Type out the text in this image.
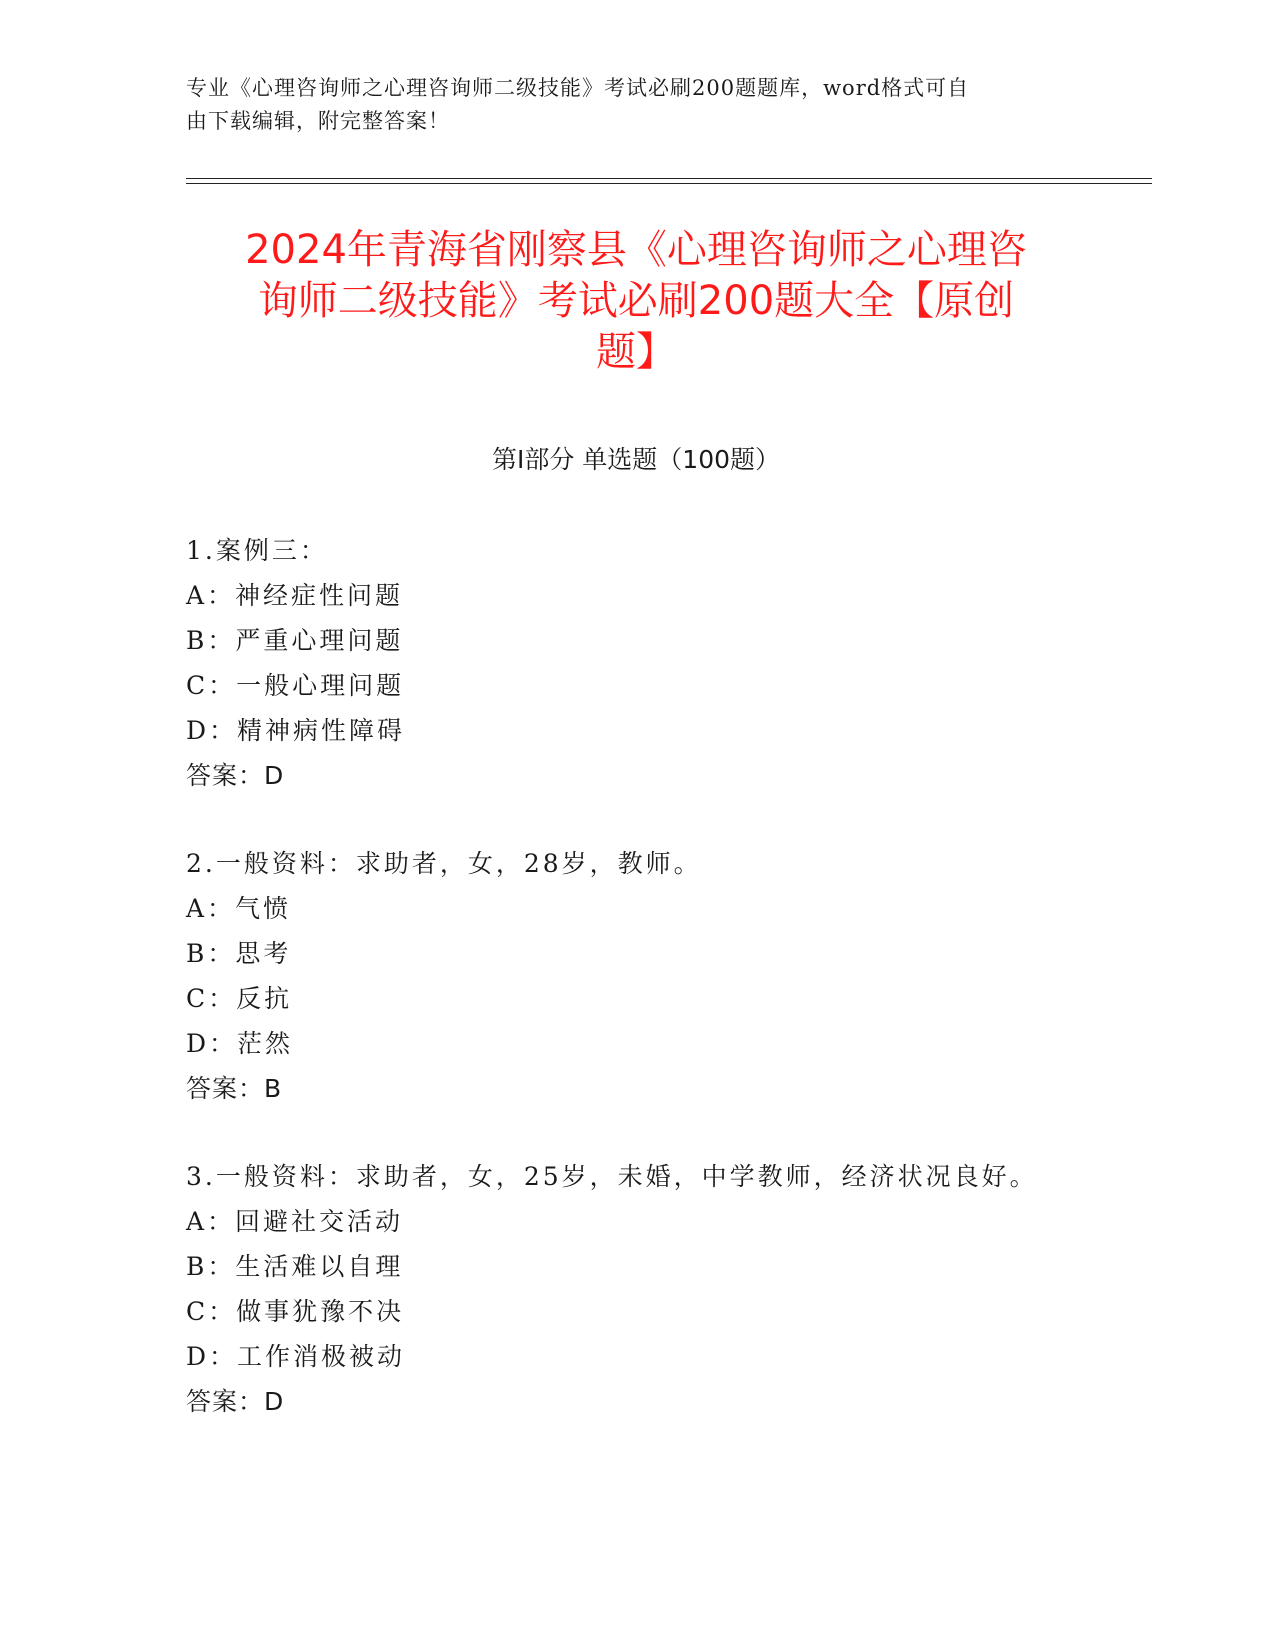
专业《心理咨询师之心理咨询师二级技能》考试必刷200题题库，word格式可自
由下载编辑，附完整答案！
2024年青海省刚察县《心理咨询师之心理咨
询师二级技能》考试必刷200题大全【原创
题】
第Ⅰ部分 单选题（100题）
1.案例三：
A：神经症性问题
B：严重心理问题
C：一般心理问题
D：精神病性障碍
答案：D
2.一般资料：求助者，女，28岁，教师。
A：气愤
B：思考
C：反抗
D：茫然
答案：B
3.一般资料：求助者，女，25岁，未婚，中学教师，经济状况良好。
A：回避社交活动
B：生活难以自理
C：做事犹豫不决
D：工作消极被动
答案：D
